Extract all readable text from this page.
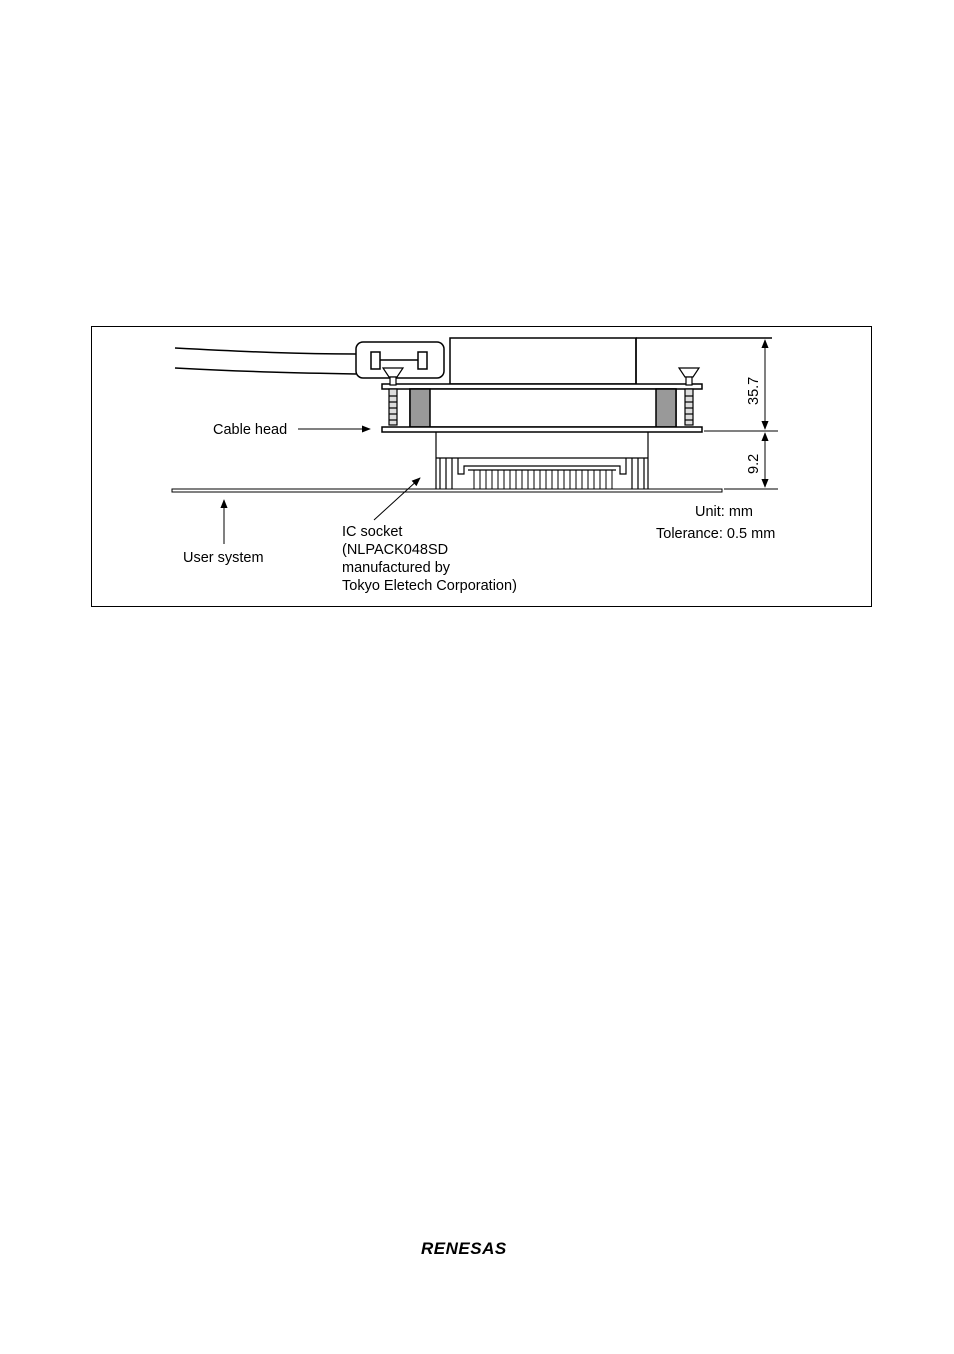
Cable head
User system
IC socket
(NLPACK048SD
manufactured by
Tokyo Eletech Corporation)
Unit: mm
Tolerance: 0.5 mm
35.7
9.2
RENESAS
